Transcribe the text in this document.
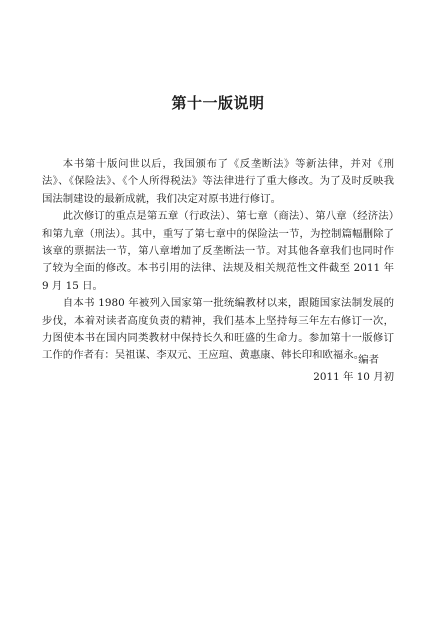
第十一版说明

本书第十版问世以后，我国颁布了《反垄断法》等新法律，并对《刑法》、《保险法》、《个人所得税法》等法律进行了重大修改。为了及时反映我国法制建设的最新成就，我们决定对原书进行修订。

此次修订的重点是第五章（行政法）、第七章（商法）、第八章（经济法）和第九章（刑法）。其中，重写了第七章中的保险法一节，为控制篇幅删除了该章的票据法一节，第八章增加了反垄断法一节。对其他各章我们也同时作了较为全面的修改。本书引用的法律、法规及相关规范性文件截至 2011 年 9 月 15 日。

自本书 1980 年被列入国家第一批统编教材以来，跟随国家法制发展的步伐，本着对读者高度负责的精神，我们基本上坚持每三年左右修订一次，力图使本书在国内同类教材中保持长久和旺盛的生命力。参加第十一版修订工作的作者有：吴祖谋、李双元、王应瑄、黄惠康、韩长印和欧福永。

编者
2011 年 10 月初
